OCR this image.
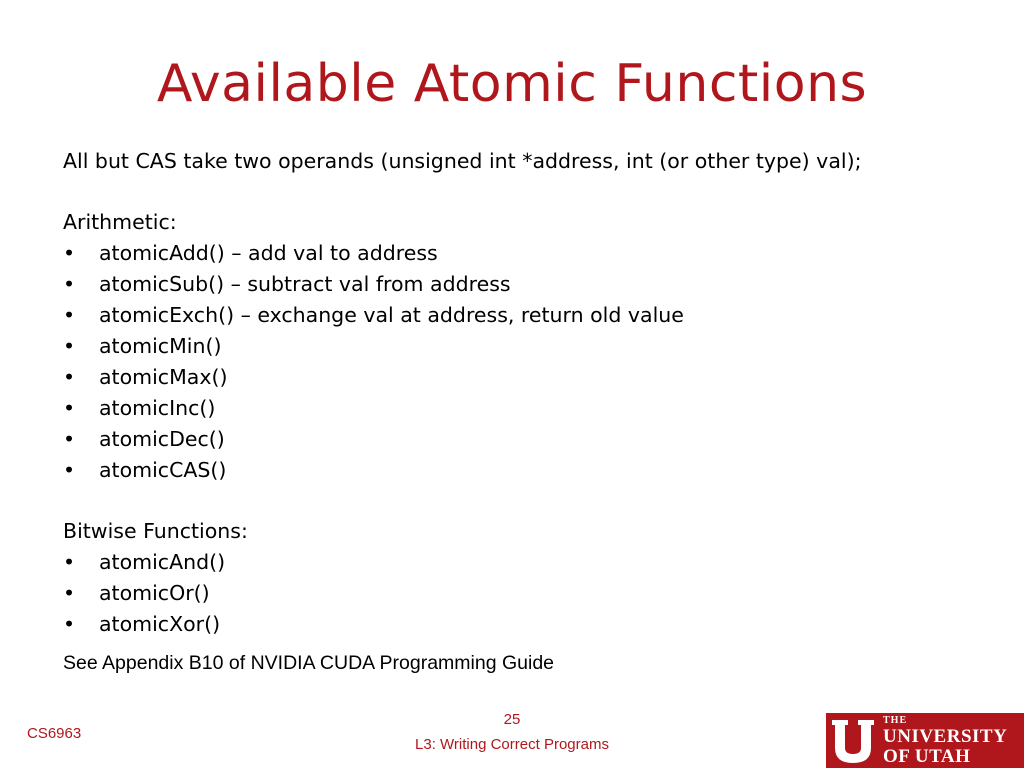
Available Atomic Functions
All but CAS take two operands (unsigned int *address, int (or other type) val);
Arithmetic:
• atomicAdd() – add val to address
• atomicSub() – subtract val from address
• atomicExch() – exchange val at address, return old value
• atomicMin()
• atomicMax()
• atomicInc()
• atomicDec()
• atomicCAS()
Bitwise Functions:
• atomicAnd()
• atomicOr()
• atomicXor()
See Appendix B10 of NVIDIA CUDA Programming Guide
CS6963
25
L3: Writing Correct Programs
THE
UNIVERSITY
OF UTAH
